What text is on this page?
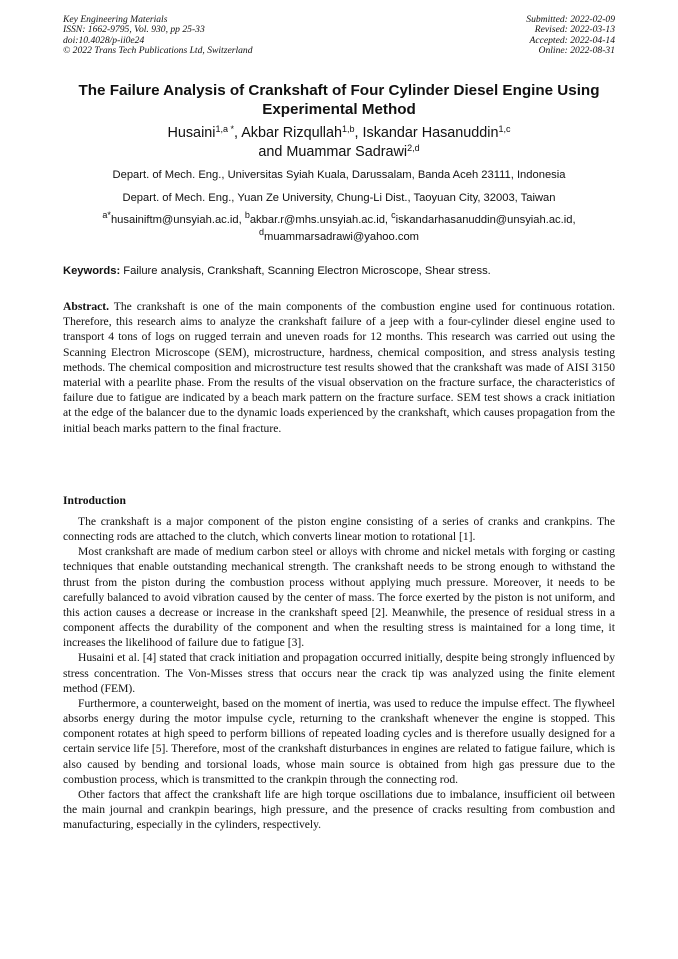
Key Engineering Materials
ISSN: 1662-9795, Vol. 930, pp 25-33
doi:10.4028/p-ii0e24
© 2022 Trans Tech Publications Ltd, Switzerland
Submitted: 2022-02-09
Revised: 2022-03-13
Accepted: 2022-04-14
Online: 2022-08-31
The Failure Analysis of Crankshaft of Four Cylinder Diesel Engine Using
Experimental Method
Husaini$^{1,a *}$, Akbar Rizqullah$^{1,b}$, Iskandar Hasanuddin$^{1,c}$
and Muammar Sadrawi$^{2,d}$
Depart. of Mech. Eng., Universitas Syiah Kuala, Darussalam, Banda Aceh 23111, Indonesia
Depart. of Mech. Eng., Yuan Ze University, Chung-Li Dist., Taoyuan City, 32003, Taiwan
$^{a*}$husainiftm@unsyiah.ac.id, $^b$akbar.r@mhs.unsyiah.ac.id, $^c$iskandarhasanuddin@unsyiah.ac.id,
$^d$muammarsadrawi@yahoo.com
Keywords: Failure analysis, Crankshaft, Scanning Electron Microscope, Shear stress.
Abstract. The crankshaft is one of the main components of the combustion engine used for continuous rotation. Therefore, this research aims to analyze the crankshaft failure of a jeep with a four-cylinder diesel engine used to transport 4 tons of logs on rugged terrain and uneven roads for 12 months. This research was carried out using the Scanning Electron Microscope (SEM), microstructure, hardness, chemical composition, and stress analysis testing methods. The chemical composition and microstructure test results showed that the crankshaft was made of AISI 3150 material with a pearlite phase. From the results of the visual observation on the fracture surface, the characteristics of failure due to fatigue are indicated by a beach mark pattern on the fracture surface. SEM test shows a crack initiation at the edge of the balancer due to the dynamic loads experienced by the crankshaft, which causes propagation from the initial beach marks pattern to the final fracture.
Introduction

The crankshaft is a major component of the piston engine consisting of a series of cranks and crankpins. The connecting rods are attached to the clutch, which converts linear motion to rotational [1].

Most crankshaft are made of medium carbon steel or alloys with chrome and nickel metals with forging or casting techniques that enable outstanding mechanical strength. The crankshaft needs to be strong enough to withstand the thrust from the piston during the combustion process without applying much pressure. Moreover, it needs to be carefully balanced to avoid vibration caused by the center of mass. The force exerted by the piston is not uniform, and this action causes a decrease or increase in the crankshaft speed [2]. Meanwhile, the presence of residual stress in a component affects the durability of the component and when the resulting stress is maintained for a long time, it increases the likelihood of failure due to fatigue [3].

Husaini et al. [4] stated that crack initiation and propagation occurred initially, despite being strongly influenced by stress concentration. The Von-Misses stress that occurs near the crack tip was analyzed using the finite element method (FEM).

Furthermore, a counterweight, based on the moment of inertia, was used to reduce the impulse effect. The flywheel absorbs energy during the motor impulse cycle, returning to the crankshaft whenever the engine is stopped. This component rotates at high speed to perform billions of repeated loading cycles and is therefore usually designed for a certain service life [5]. Therefore, most of the crankshaft disturbances in engines are related to fatigue failure, which is also caused by bending and torsional loads, whose main source is obtained from high gas pressure due to the combustion process, which is transmitted to the crankpin through the connecting rod.

Other factors that affect the crankshaft life are high torque oscillations due to imbalance, insufficient oil between the main journal and crankpin bearings, high pressure, and the presence of cracks resulting from combustion and manufacturing, especially in the cylinders, respectively.
